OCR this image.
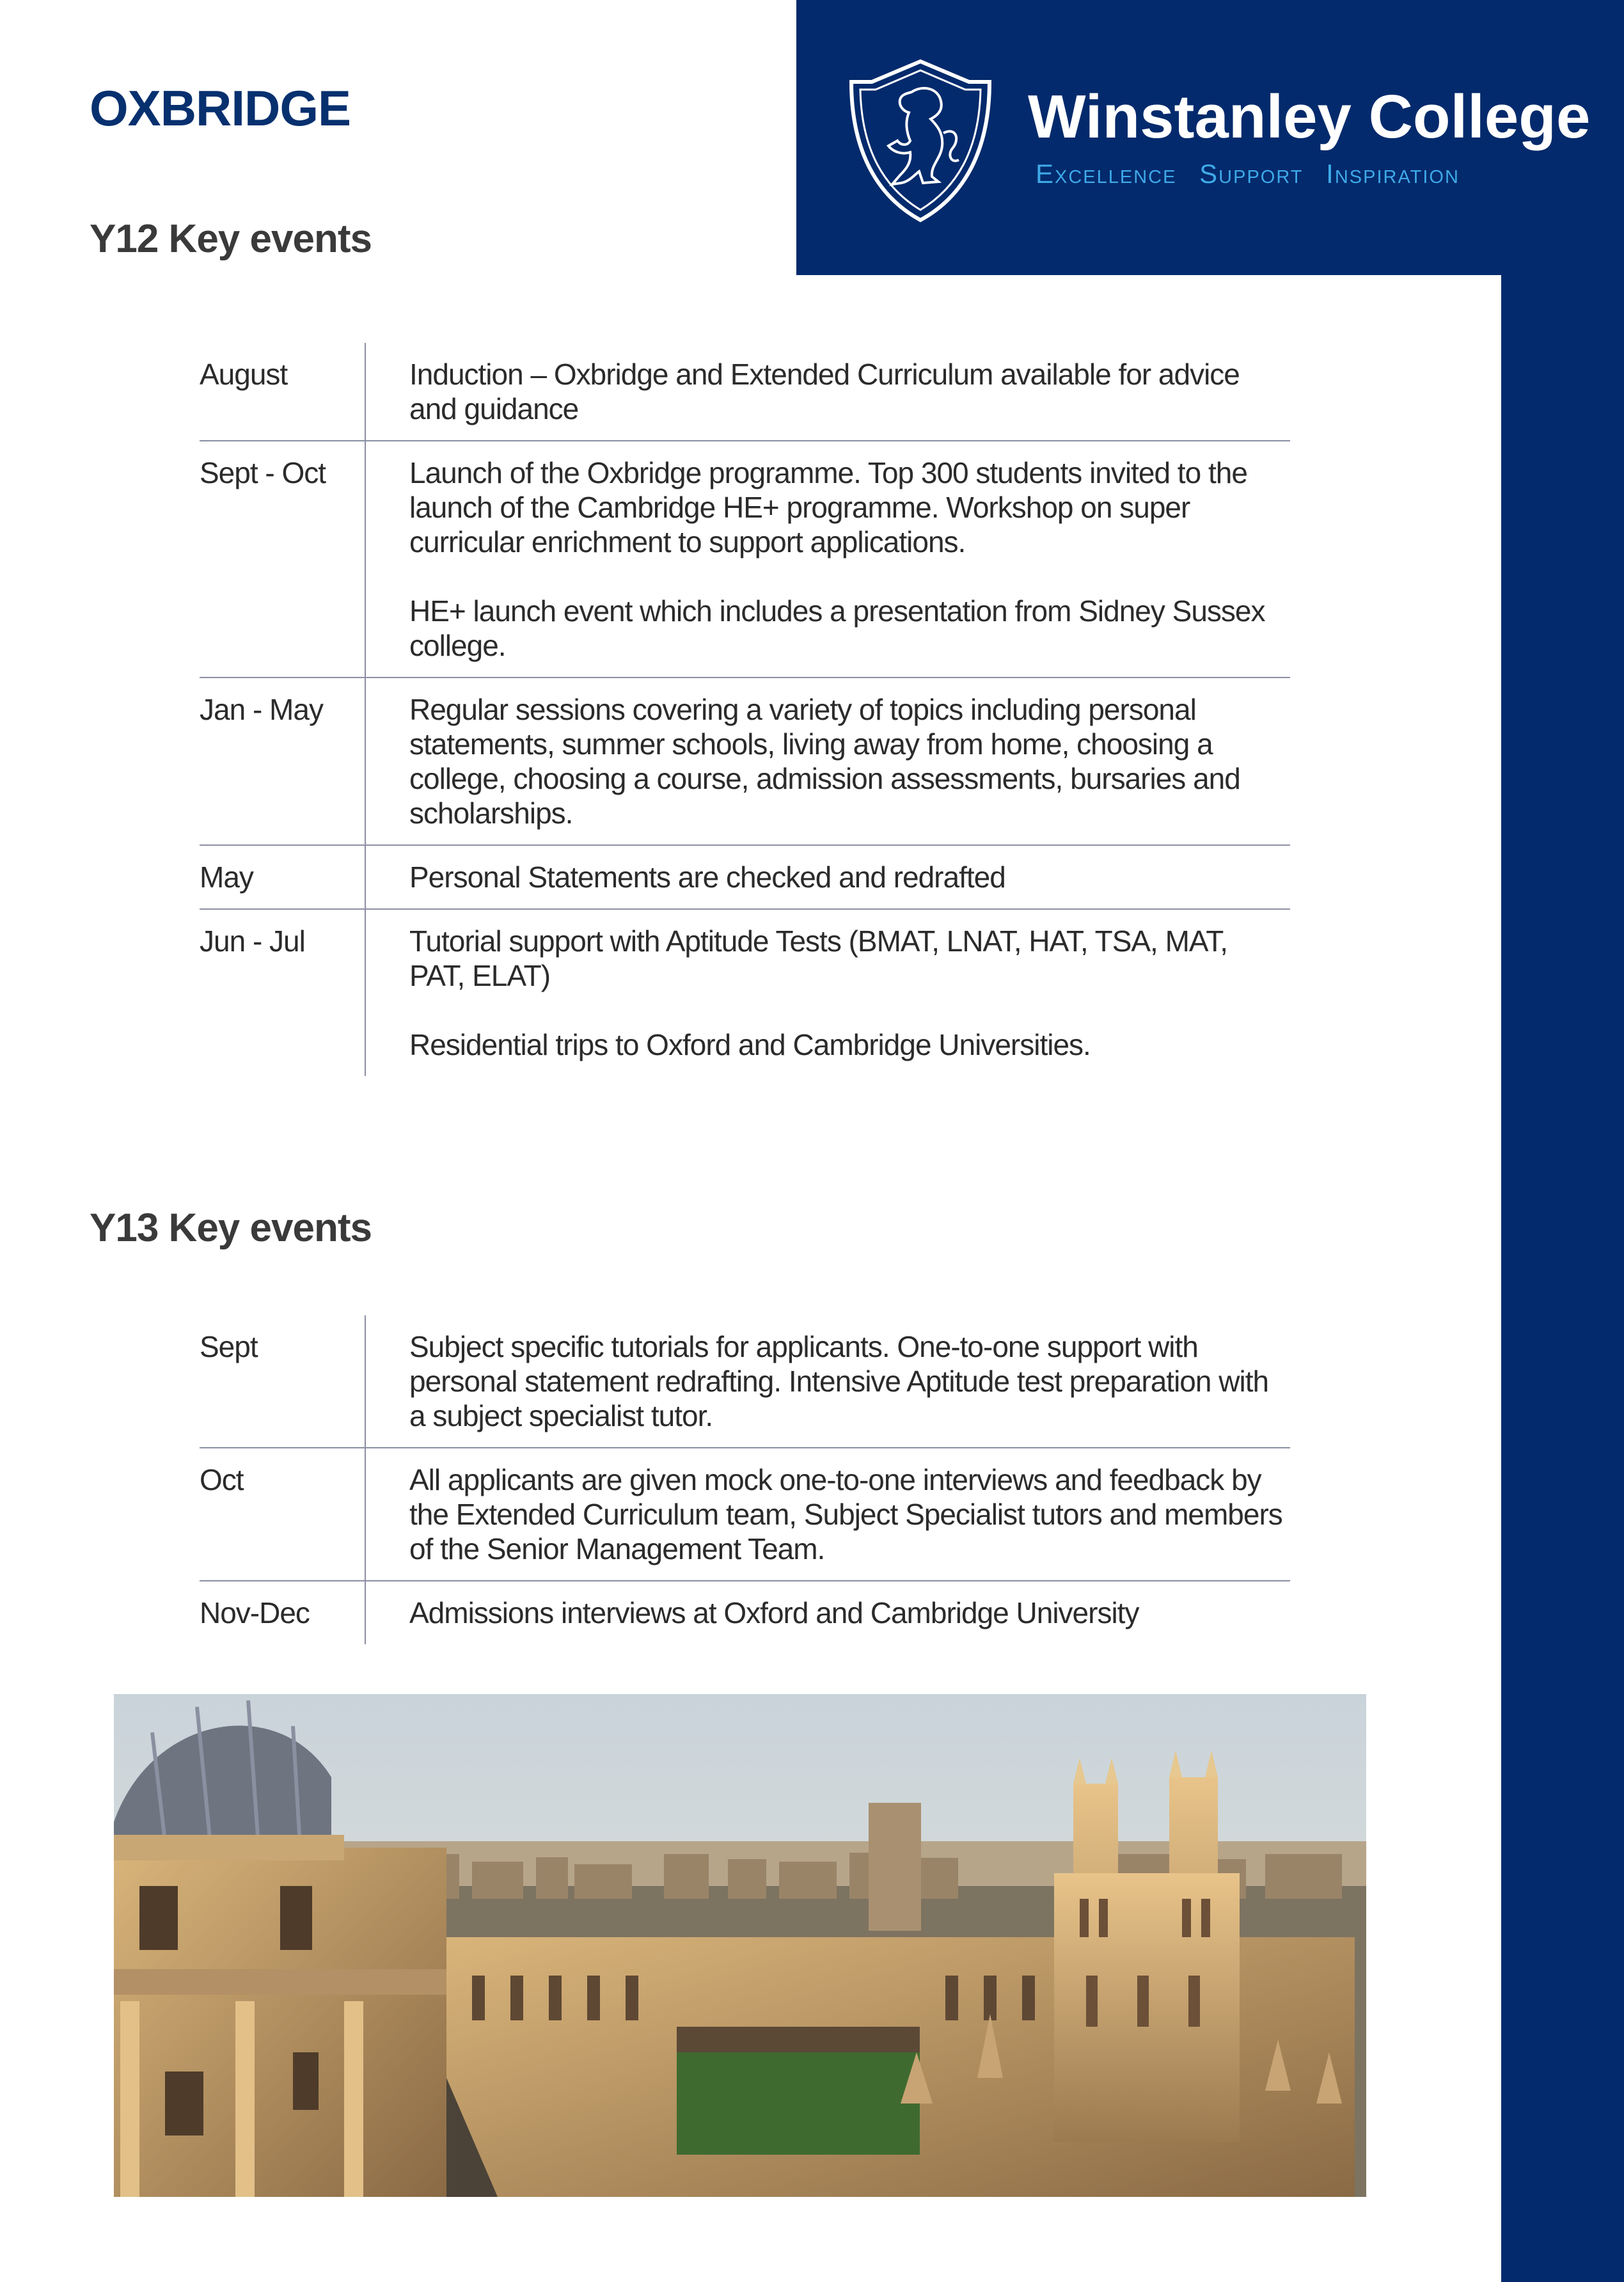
Winstanley College
Excellence Support Inspiration
OXBRIDGE
Y12 Key events
August	Induction – Oxbridge and Extended Curriculum available for advice and guidance

Sept - Oct	Launch of the Oxbridge programme. Top 300 students invited to the launch of the Cambridge HE+ programme. Workshop on super curricular enrichment to support applications.

HE+ launch event which includes a presentation from Sidney Sussex college.

Jan - May	Regular sessions covering a variety of topics including personal statements, summer schools, living away from home, choosing a college, choosing a course, admission assessments, bursaries and scholarships.

May	Personal Statements are checked and redrafted

Jun - Jul	Tutorial support with Aptitude Tests (BMAT, LNAT, HAT, TSA, MAT, PAT, ELAT)

Residential trips to Oxford and Cambridge Universities.

Y13 Key events
Sept	Subject specific tutorials for applicants. One-to-one support with personal statement redrafting. Intensive Aptitude test preparation with a subject specialist tutor.

Oct	All applicants are given mock one-to-one interviews and feedback by the Extended Curriculum team, Subject Specialist tutors and members of the Senior Management Team.

Nov-Dec	Admissions interviews at Oxford and Cambridge University
